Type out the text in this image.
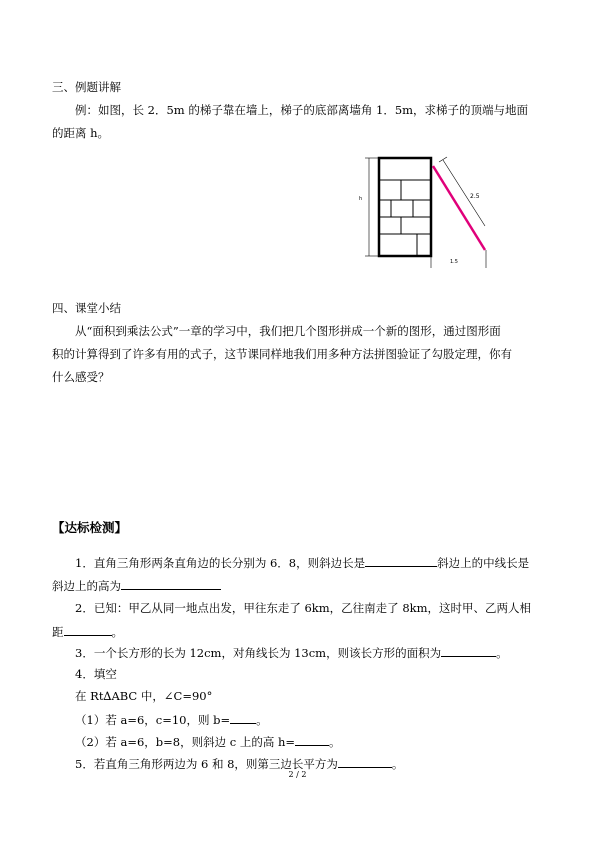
三、例题讲解
例：如图，长 2．5m 的梯子靠在墙上，梯子的底部离墙角 1．5m，求梯子的顶端与地面
的距离 h。
h	2.5
1.5
四、课堂小结
从“面积到乘法公式”一章的学习中，我们把几个图形拼成一个新的图形，通过图形面
积的计算得到了许多有用的式子，这节课同样地我们用多种方法拼图验证了勾股定理，你有
什么感受？
【达标检测】
1．直角三角形两条直角边的长分别为 6．8，则斜边长是	斜边上的中线长是
斜边上的高为
2．已知：甲乙从同一地点出发，甲往东走了 6km，乙往南走了 8km，这时甲、乙两人相
距	。
3．一个长方形的长为 12cm，对角线长为 13cm，则该长方形的面积为	。
4．填空
在 Rt∆ABC 中，∠C=90°
（1）若 a=6，c=10，则 b= 。
（2）若 a=6，b=8，则斜边 c 上的高 h=	。
5．若直角三角形两边为 6 和 8，则第三边长平方为	。
2 / 2
